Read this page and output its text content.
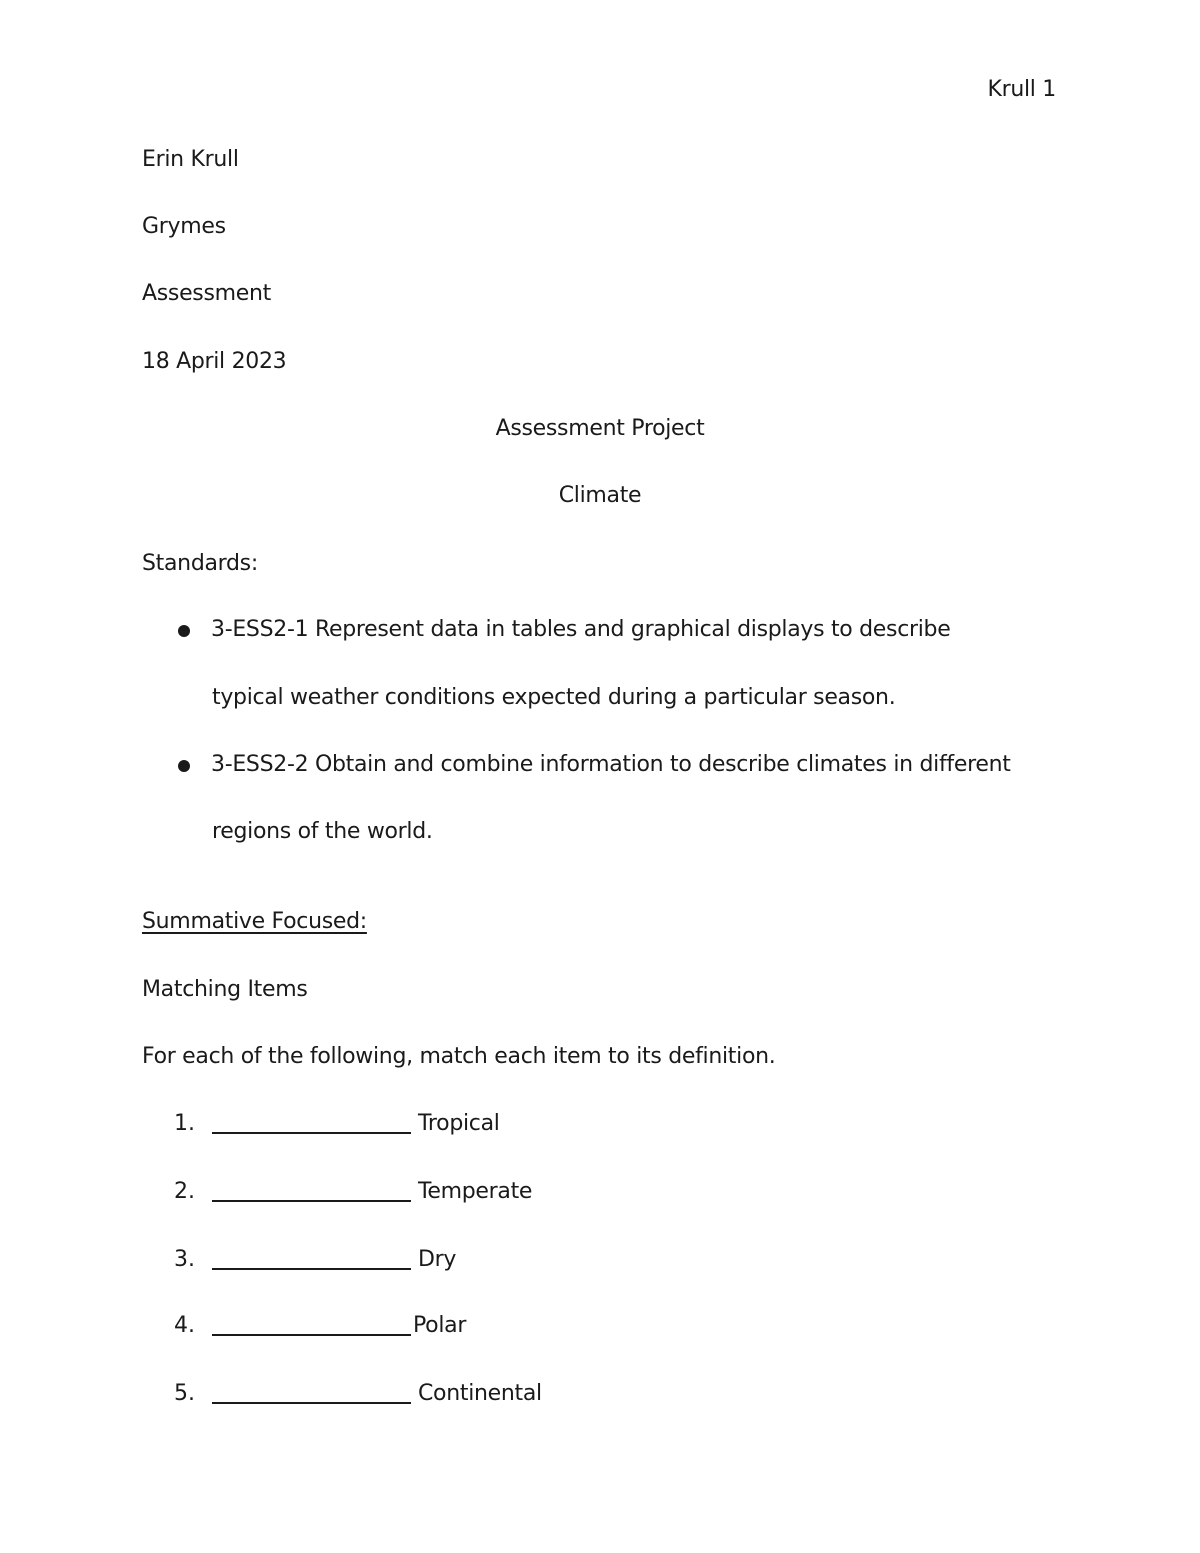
Krull 1
Erin Krull
Grymes
Assessment
18 April 2023
Assessment Project
Climate
Standards:
3-ESS2-1 Represent data in tables and graphical displays to describe
typical weather conditions expected during a particular season.
3-ESS2-2 Obtain and combine information to describe climates in different
regions of the world.
Summative Focused:
Matching Items
For each of the following, match each item to its definition.
1.	Tropical
2.	Temperate
3.	Dry
4.	Polar
5.	Continental
